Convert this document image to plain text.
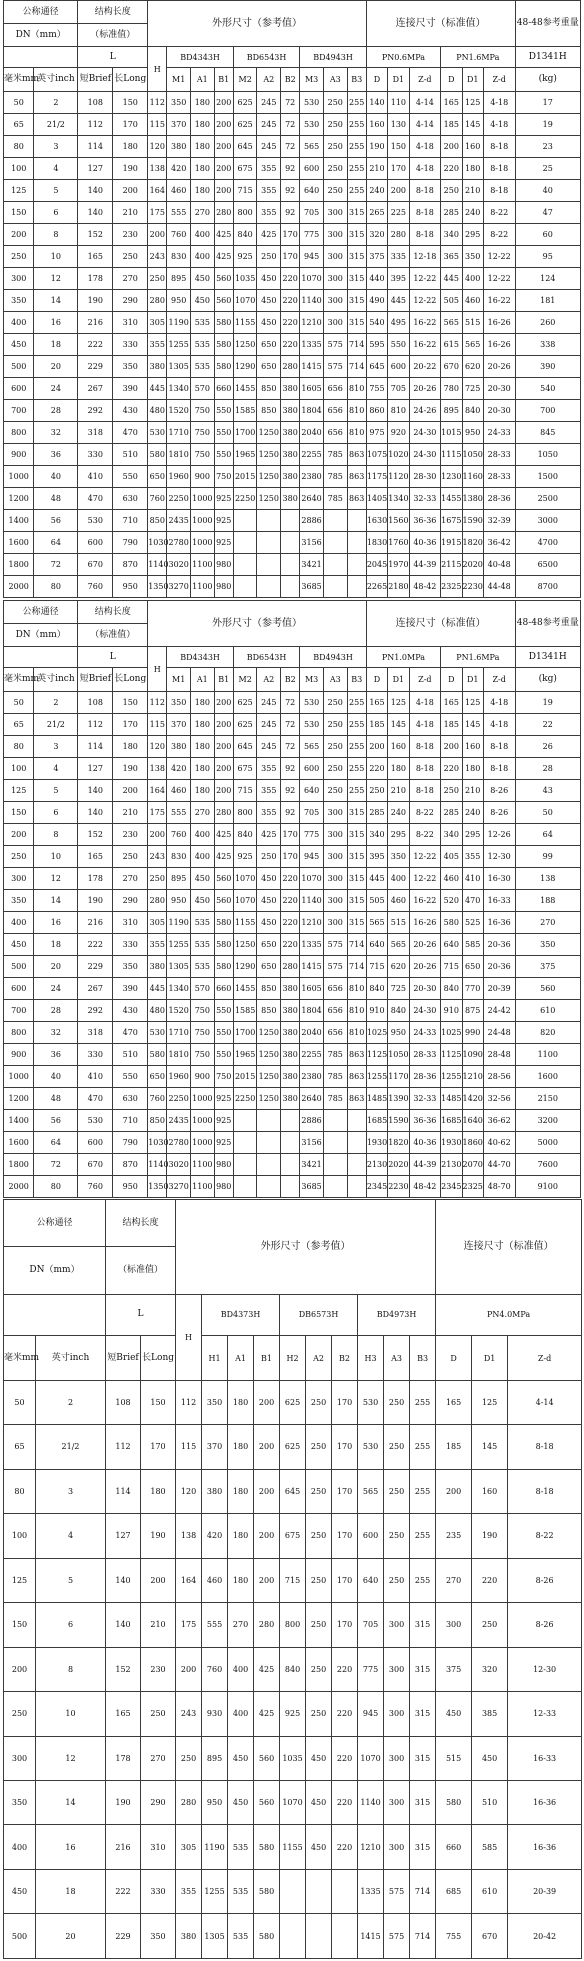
公称通径		结构长度		外形尺寸（参考值）										连接尺寸（标准值）						48-48参考重量
DN（mm）		（标准值）																		
		L		H	BD4343H			BD6543H			BD4943H			PN0.6MPa			PN1.6MPa			D1341H
毫米mm	英寸inch	短Brief	长Long		M1	A1	B1	M2	A2	B2	M3	A3	B3	D	D1	Z-d	D	D1	Z-d	(kg)
50	2	108	150	112	350	180	200	625	245	72	530	250	255	140	110	4-14	165	125	4-18	17
65	21/2	112	170	115	370	180	200	625	245	72	530	250	255	160	130	4-14	185	145	4-18	19
80	3	114	180	120	380	180	200	645	245	72	565	250	255	190	150	4-18	200	160	8-18	23
100	4	127	190	138	420	180	200	675	355	92	600	250	255	210	170	4-18	220	180	8-18	25
125	5	140	200	164	460	180	200	715	355	92	640	250	255	240	200	8-18	250	210	8-18	40
150	6	140	210	175	555	270	280	800	355	92	705	300	315	265	225	8-18	285	240	8-22	47
200	8	152	230	200	760	400	425	840	425	170	775	300	315	320	280	8-18	340	295	8-22	60
250	10	165	250	243	830	400	425	925	250	170	945	300	315	375	335	12-18	365	350	12-22	95
300	12	178	270	250	895	450	560	1035	450	220	1070	300	315	440	395	12-22	445	400	12-22	124
350	14	190	290	280	950	450	560	1070	450	220	1140	300	315	490	445	12-22	505	460	16-22	181
400	16	216	310	305	1190	535	580	1155	450	220	1210	300	315	540	495	16-22	565	515	16-26	260
450	18	222	330	355	1255	535	580	1250	650	220	1335	575	714	595	550	16-22	615	565	16-26	338
500	20	229	350	380	1305	535	580	1290	650	280	1415	575	714	645	600	20-22	670	620	20-26	390
600	24	267	390	445	1340	570	660	1455	850	380	1605	656	810	755	705	20-26	780	725	20-30	540
700	28	292	430	480	1520	750	550	1585	850	380	1804	656	810	860	810	24-26	895	840	20-30	700
800	32	318	470	530	1710	750	550	1700	1250	380	2040	656	810	975	920	24-30	1015	950	24-33	845
900	36	330	510	580	1810	750	550	1965	1250	380	2255	785	863	1075	1020	24-30	1115	1050	28-33	1050
1000	40	410	550	650	1960	900	750	2015	1250	380	2380	785	863	1175	1120	28-30	1230	1160	28-33	1500
1200	48	470	630	760	2250	1000	925	2250	1250	380	2640	785	863	1405	1340	32-33	1455	1380	28-36	2500
1400	56	530	710	850	2435	1000	925				2886			1630	1560	36-36	1675	1590	32-39	3000
1600	64	600	790	1030	2780	1000	925				3156			1830	1760	40-36	1915	1820	36-42	4700
1800	72	670	870	1140	3020	1100	980				3421			2045	1970	44-39	2115	2020	40-48	6500
2000	80	760	950	1350	3270	1100	980				3685			2265	2180	48-42	2325	2230	44-48	8700
公称通径		结构长度		外形尺寸（参考值）										连接尺寸（标准值）						48-48参考重量
DN（mm）		（标准值）																		
		L		H	BD4343H			BD6543H			BD4943H			PN1.0MPa			PN1.6MPa			D1341H
毫米mm	英寸inch	短Brief	长Long		M1	A1	B1	M2	A2	B2	M3	A3	B3	D	D1	Z-d	D	D1	Z-d	(kg)
50	2	108	150	112	350	180	200	625	245	72	530	250	255	165	125	4-18	165	125	4-18	19
65	21/2	112	170	115	370	180	200	625	245	72	530	250	255	185	145	4-18	185	145	4-18	22
80	3	114	180	120	380	180	200	645	245	72	565	250	255	200	160	8-18	200	160	8-18	26
100	4	127	190	138	420	180	200	675	355	92	600	250	255	220	180	8-18	220	180	8-18	28
125	5	140	200	164	460	180	200	715	355	92	640	250	255	250	210	8-18	250	210	8-26	43
150	6	140	210	175	555	270	280	800	355	92	705	300	315	285	240	8-22	285	240	8-26	50
200	8	152	230	200	760	400	425	840	425	170	775	300	315	340	295	8-22	340	295	12-26	64
250	10	165	250	243	830	400	425	925	250	170	945	300	315	395	350	12-22	405	355	12-30	99
300	12	178	270	250	895	450	560	1070	450	220	1070	300	315	445	400	12-22	460	410	16-30	138
350	14	190	290	280	950	450	560	1070	450	220	1140	300	315	505	460	16-22	520	470	16-33	188
400	16	216	310	305	1190	535	580	1155	450	220	1210	300	315	565	515	16-26	580	525	16-36	270
450	18	222	330	355	1255	535	580	1250	650	220	1335	575	714	640	565	20-26	640	585	20-36	350
500	20	229	350	380	1305	535	580	1290	650	280	1415	575	714	715	620	20-26	715	650	20-36	375
600	24	267	390	445	1340	570	660	1455	850	380	1605	656	810	840	725	20-30	840	770	20-39	560
700	28	292	430	480	1520	750	550	1585	850	380	1804	656	810	910	840	24-30	910	875	24-42	610
800	32	318	470	530	1710	750	550	1700	1250	380	2040	656	810	1025	950	24-33	1025	990	24-48	820
900	36	330	510	580	1810	750	550	1965	1250	380	2255	785	863	1125	1050	28-33	1125	1090	28-48	1100
1000	40	410	550	650	1960	900	750	2015	1250	380	2380	785	863	1255	1170	28-36	1255	1210	28-56	1600
1200	48	470	630	760	2250	1000	925	2250	1250	380	2640	785	863	1485	1390	32-33	1485	1420	32-56	2150
1400	56	530	710	850	2435	1000	925				2886			1685	1590	36-36	1685	1640	36-62	3200
1600	64	600	790	1030	2780	1000	925				3156			1930	1820	40-36	1930	1860	40-62	5000
1800	72	670	870	1140	3020	1100	980				3421			2130	2020	44-39	2130	2070	44-70	7600
2000	80	760	950	1350	3270	1100	980				3685			2345	2230	48-42	2345	2325	48-70	9100
公称通径		结构长度		外形尺寸（参考值）										连接尺寸（标准值）		
DN（mm）		（标准值）														
		L		H	BD4373H			DB6573H			BD4973H			PN4.0MPa		
毫米mm	英寸inch	短Brief	长Long		H1	A1	B1	H2	A2	B2	H3	A3	B3	D	D1	Z-d
50	2	108	150	112	350	180	200	625	250	170	530	250	255	165	125	4-14
65	21/2	112	170	115	370	180	200	625	250	170	530	250	255	185	145	8-18
80	3	114	180	120	380	180	200	645	250	170	565	250	255	200	160	8-18
100	4	127	190	138	420	180	200	675	250	170	600	250	255	235	190	8-22
125	5	140	200	164	460	180	200	715	250	170	640	250	255	270	220	8-26
150	6	140	210	175	555	270	280	800	250	170	705	300	315	300	250	8-26
200	8	152	230	200	760	400	425	840	250	220	775	300	315	375	320	12-30
250	10	165	250	243	930	400	425	925	250	220	945	300	315	450	385	12-33
300	12	178	270	250	895	450	560	1035	450	220	1070	300	315	515	450	16-33
350	14	190	290	280	950	450	560	1070	450	220	1140	300	315	580	510	16-36
400	16	216	310	305	1190	535	580	1155	450	220	1210	300	315	660	585	16-36
450	18	222	330	355	1255	535	580				1335	575	714	685	610	20-39
500	20	229	350	380	1305	535	580				1415	575	714	755	670	20-42
